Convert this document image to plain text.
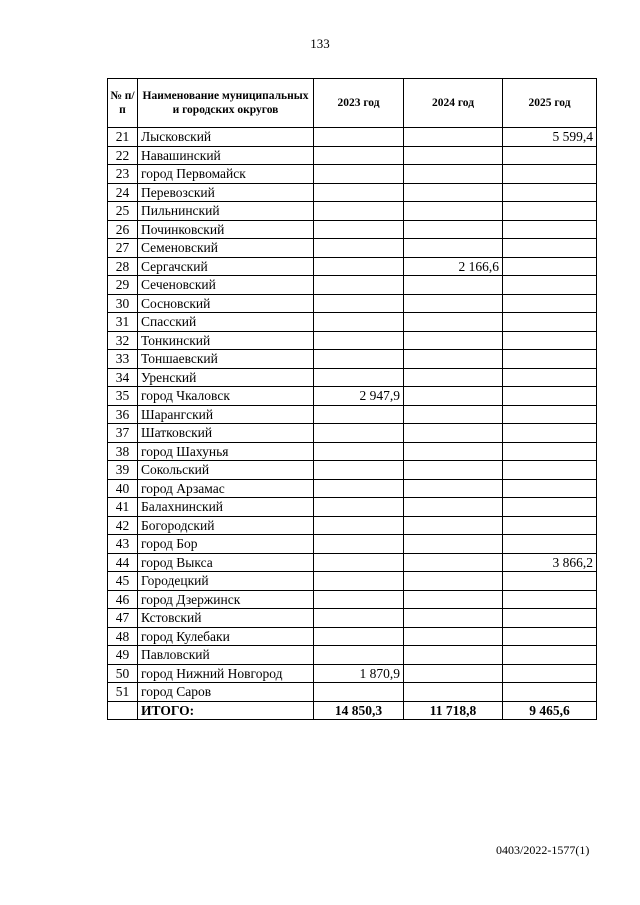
133
№ п/п	Наименование муниципальных и городских округов	2023 год	2024 год	2025 год
21	Лысковский			5 599,4
22	Навашинский			
23	город Первомайск			
24	Перевозский			
25	Пильнинский			
26	Починковский			
27	Семеновский			
28	Сергачский		2 166,6	
29	Сеченовский			
30	Сосновский			
31	Спасский			
32	Тонкинский			
33	Тоншаевский			
34	Уренский			
35	город Чкаловск	2 947,9		
36	Шарангский			
37	Шатковский			
38	город Шахунья			
39	Сокольский			
40	город Арзамас			
41	Балахнинский			
42	Богородский			
43	город Бор			
44	город Выкса			3 866,2
45	Городецкий			
46	город Дзержинск			
47	Кстовский			
48	город Кулебаки			
49	Павловский			
50	город Нижний Новгород	1 870,9		
51	город Саров			
	ИТОГО:	14 850,3	11 718,8	9 465,6
0403/2022-1577(1)
